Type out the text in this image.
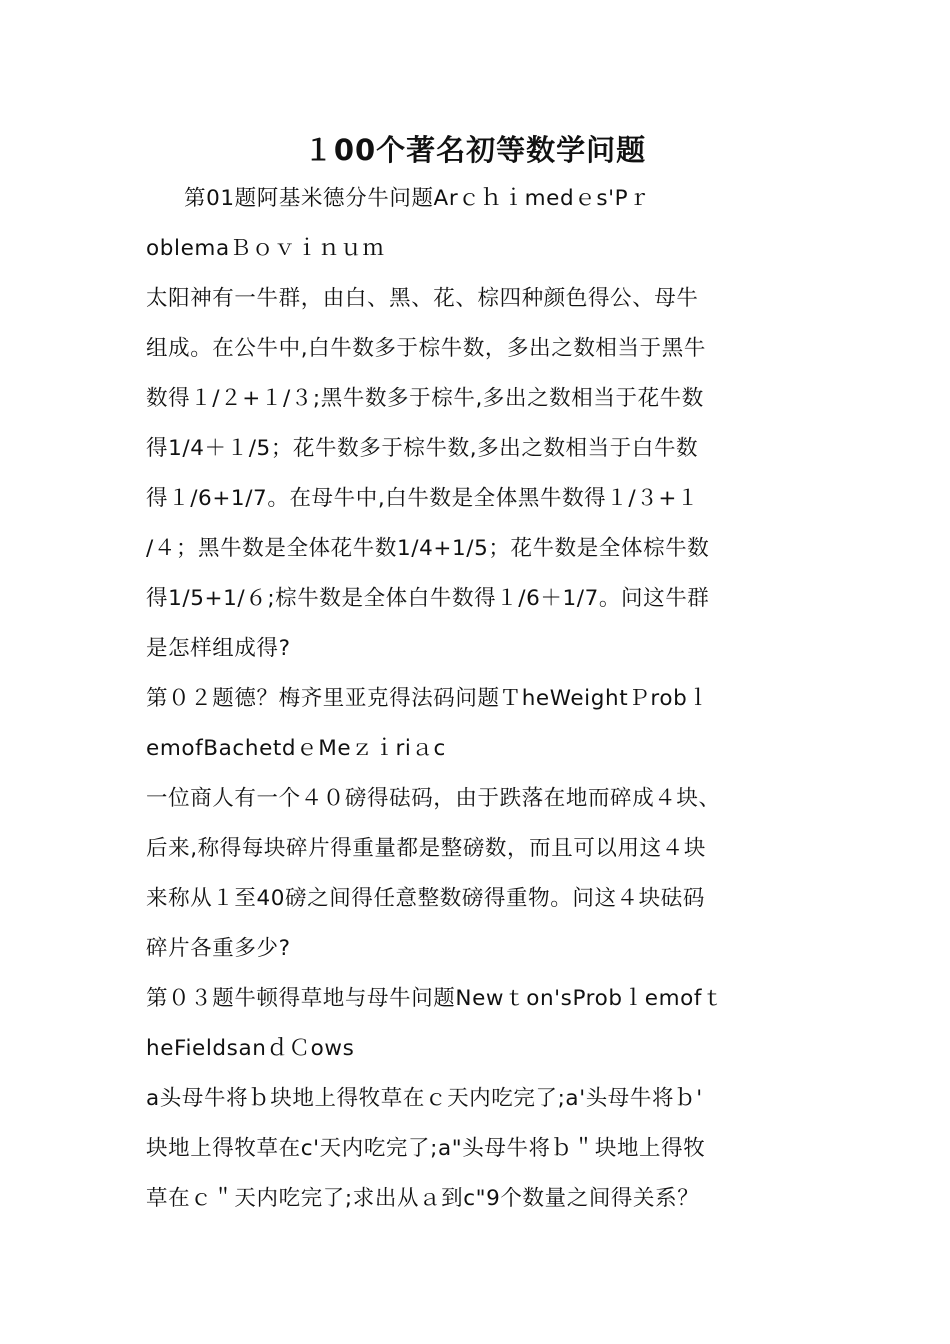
１00个著名初等数学问题
第01题阿基米德分牛问题Arｃｈｉmedｅs'Pｒ
oblemaＢｏｖｉｎｕｍ
太阳神有一牛群，由白、黑、花、棕四种颜色得公、母牛
组成。在公牛中,白牛数多于棕牛数，多出之数相当于黑牛
数得１/２+１/３;黑牛数多于棕牛,多出之数相当于花牛数
得1/4＋１/5；花牛数多于棕牛数,多出之数相当于白牛数
得１/6+1/7。在母牛中,白牛数是全体黑牛数得１/３+１
/４；黑牛数是全体花牛数1/4+1/5；花牛数是全体棕牛数
得1/5+1/６;棕牛数是全体白牛数得１/6＋1/7。问这牛群
是怎样组成得?
第０２题德？梅齐里亚克得法码问题ＴheWeightＰrobｌ
emofBachetdｅMeｚｉriａc
一位商人有一个４０磅得砝码，由于跌落在地而碎成４块、
后来,称得每块碎片得重量都是整磅数，而且可以用这４块
来称从１至40磅之间得任意整数磅得重物。问这４块砝码
碎片各重多少?
第０３题牛顿得草地与母牛问题Newｔon'sProbｌemofｔ
heFieldsanｄＣows
a头母牛将ｂ块地上得牧草在ｃ天内吃完了;a'头母牛将ｂ'
块地上得牧草在c'天内吃完了;a"头母牛将ｂ＂块地上得牧
草在ｃ＂天内吃完了;求出从ａ到c"9个数量之间得关系？
